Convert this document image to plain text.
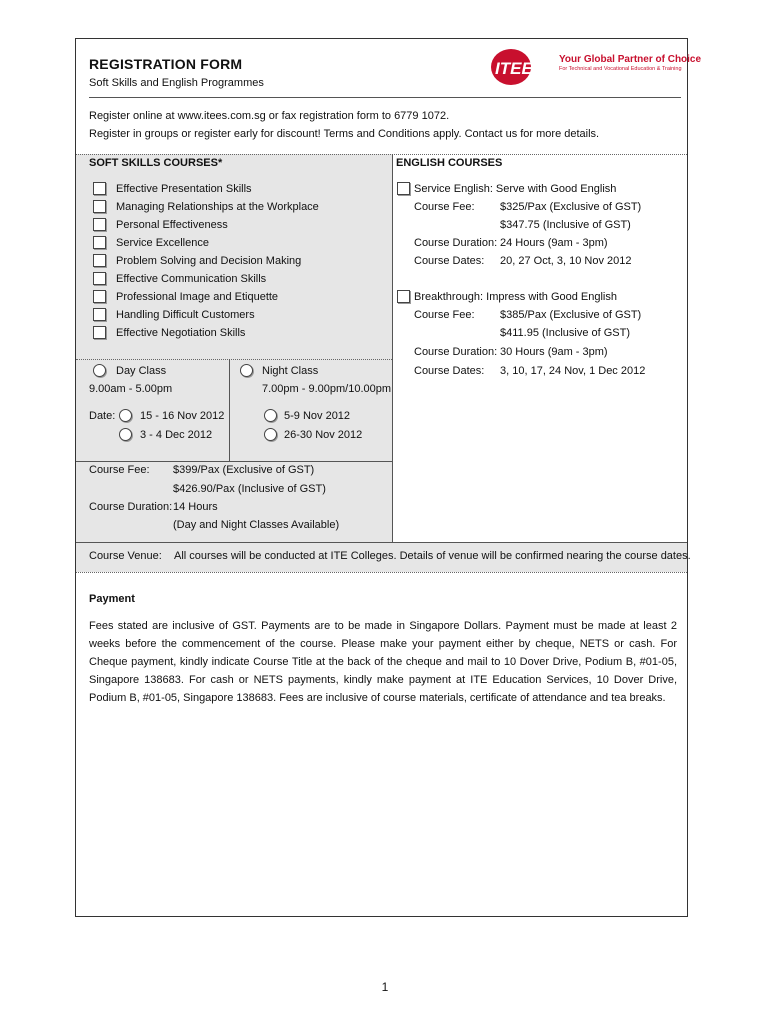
REGISTRATION FORM
Soft Skills and English Programmes
ITEES Your Global Partner of Choice
For Technical and Vocational Education & Training
Register online at www.itees.com.sg or fax registration form to 6779 1072.
Register in groups or register early for discount! Terms and Conditions apply. Contact us for more details.
SOFT SKILLS COURSES*
Effective Presentation Skills
Managing Relationships at the Workplace
Personal Effectiveness
Service Excellence
Problem Solving and Decision Making
Effective Communication Skills
Professional Image and Etiquette
Handling Difficult Customers
Effective Negotiation Skills
Day Class
9.00am - 5.00pm
Night Class
7.00pm - 9.00pm/10.00pm
Date: 15 - 16 Nov 2012
3 - 4 Dec 2012
5-9 Nov 2012
26-30 Nov 2012
Course Fee: $399/Pax (Exclusive of GST)
$426.90/Pax (Inclusive of GST)
Course Duration: 14 Hours
(Day and Night Classes Available)
ENGLISH COURSES
Service English: Serve with Good English
Course Fee: $325/Pax (Exclusive of GST)
$347.75 (Inclusive of GST)
Course Duration: 24 Hours (9am - 3pm)
Course Dates: 20, 27 Oct, 3, 10 Nov 2012
Breakthrough: Impress with Good English
Course Fee: $385/Pax (Exclusive of GST)
$411.95 (Inclusive of GST)
Course Duration: 30 Hours (9am - 3pm)
Course Dates: 3, 10, 17, 24 Nov, 1 Dec 2012
Course Venue: All courses will be conducted at ITE Colleges. Details of venue will be confirmed nearing the course dates.
Payment
Fees stated are inclusive of GST. Payments are to be made in Singapore Dollars. Payment must be made at least 2 weeks before the commencement of the course. Please make your payment either by cheque, NETS or cash. For Cheque payment, kindly indicate Course Title at the back of the cheque and mail to 10 Dover Drive, Podium B, #01-05, Singapore 138683. For cash or NETS payments, kindly make payment at ITE Education Services, 10 Dover Drive, Podium B, #01-05, Singapore 138683. Fees are inclusive of course materials, certificate of attendance and tea breaks.
1
